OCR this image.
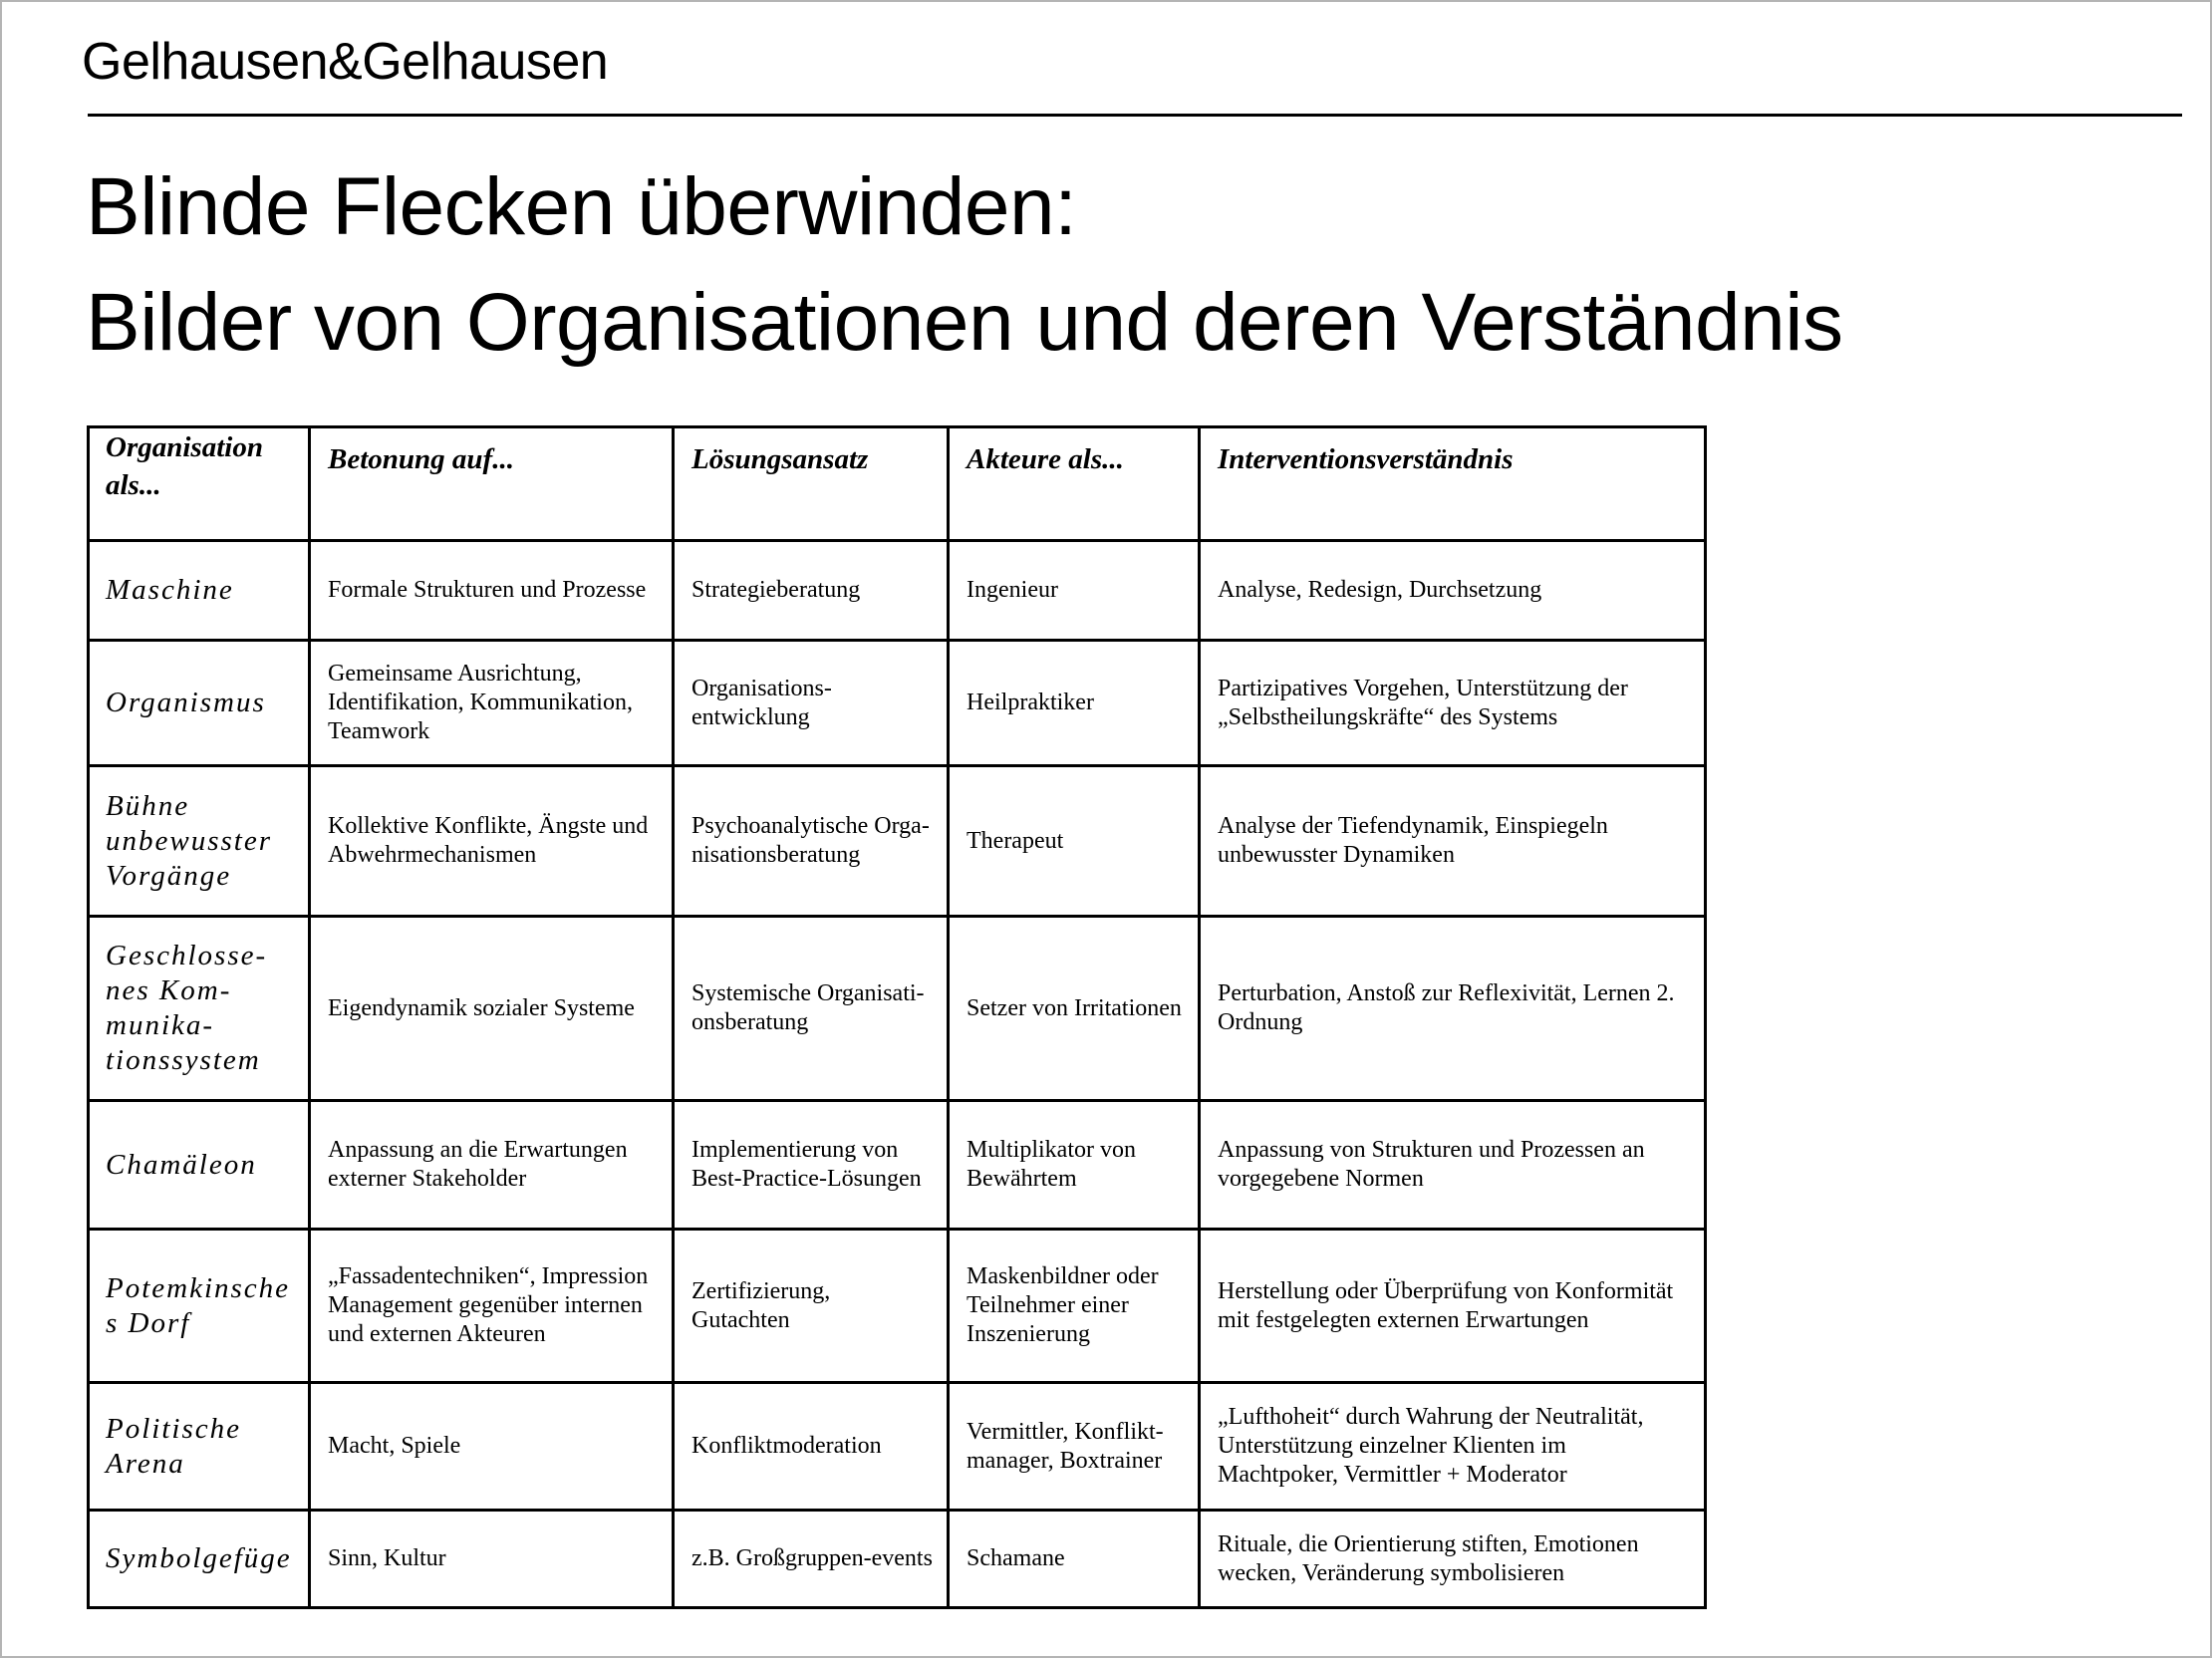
Gelhausen&Gelhausen
Blinde Flecken überwinden:
Bilder von Organisationen und deren Verständnis
Organisation als...	Betonung auf...	Lösungsansatz	Akteure als...	Interventionsverständnis
Maschine	Formale Strukturen und Prozesse	Strategieberatung	Ingenieur	Analyse, Redesign, Durchsetzung
Organismus	Gemeinsame Ausrichtung, Identifikation, Kommunikation, Teamwork	Organisations-entwicklung	Heilpraktiker	Partizipatives Vorgehen, Unterstützung der „Selbstheilungskräfte“ des Systems
Bühne unbewusster Vorgänge	Kollektive Konflikte, Ängste und Abwehrmechanismen	Psychoanalytische Orga-nisationsberatung	Therapeut	Analyse der Tiefendynamik, Einspiegeln unbewusster Dynamiken
Geschlosse-nes Kom-munika-tionssystem	Eigendynamik sozialer Systeme	Systemische Organisati-onsberatung	Setzer von Irritationen	Perturbation, Anstoß zur Reflexivität, Lernen 2. Ordnung
Chamäleon	Anpassung an die Erwartungen externer Stakeholder	Implementierung von Best-Practice-Lösungen	Multiplikator von Bewährtem	Anpassung von Strukturen und Prozessen an vorgegebene Normen
Potemkinsche s Dorf	„Fassadentechniken“, Impression Management gegenüber internen und externen Akteuren	Zertifizierung, Gutachten	Maskenbildner oder Teilnehmer einer Inszenierung	Herstellung oder Überprüfung von Konformität mit festgelegten externen Erwartungen
Politische Arena	Macht, Spiele	Konfliktmoderation	Vermittler, Konflikt-manager, Boxtrainer	„Lufthoheit“ durch Wahrung der Neutralität, Unterstützung einzelner Klienten im Machtpoker, Vermittler + Moderator
Symbolgefüge	Sinn, Kultur	z.B. Großgruppen-events	Schamane	Rituale, die Orientierung stiften, Emotionen wecken, Veränderung symbolisieren
